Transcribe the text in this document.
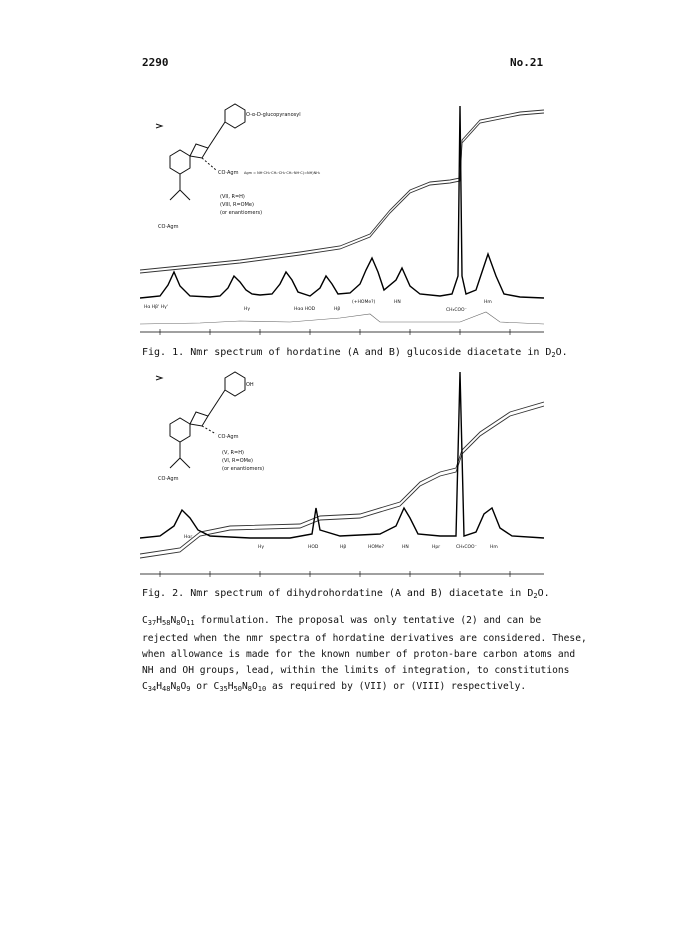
2290	No.21
O-α-D-glucopyranosyl
CO·Agm Agm = NH·CH₂·CH₂·CH₂·CH₂·NH·C(=NH)NH₂
CO·Agm
(VII, R=H)
(VIII, R=OMe)
(or enantiomers)
Hα Hβ' Hγ'	Hγ	Hαα HOD	Hβ
(+HOMe?)	HN
CH₃COO⁻
Hm
Fig. 1. Nmr spectrum of hordatine (A and B) glucoside diacetate in $D_2O$.
OH
CO·Agm
CO·Agm
(V, R=H)
(VI, R=OMe)
(or enantiomers)
Hαr
Hγ	HOD	Hβ	HOMe?	HN	Hpr	CH₃COO⁻	Hm
Fig. 2. Nmr spectrum of dihydrohordatine (A and B) diacetate in $D_2O$.

$C_{37}H_{58}N_8O_{11}$ formulation. The proposal was only tentative (2) and can be

rejected when the nmr spectra of hordatine derivatives are considered. These,

when allowance is made for the known number of proton-bare carbon atoms and

NH and OH groups, lead, within the limits of integration, to constitutions

$C_{34}H_{48}N_8O_9$ or $C_{35}H_{50}N_8O_{10}$ as required by (VII) or (VIII) respectively.
